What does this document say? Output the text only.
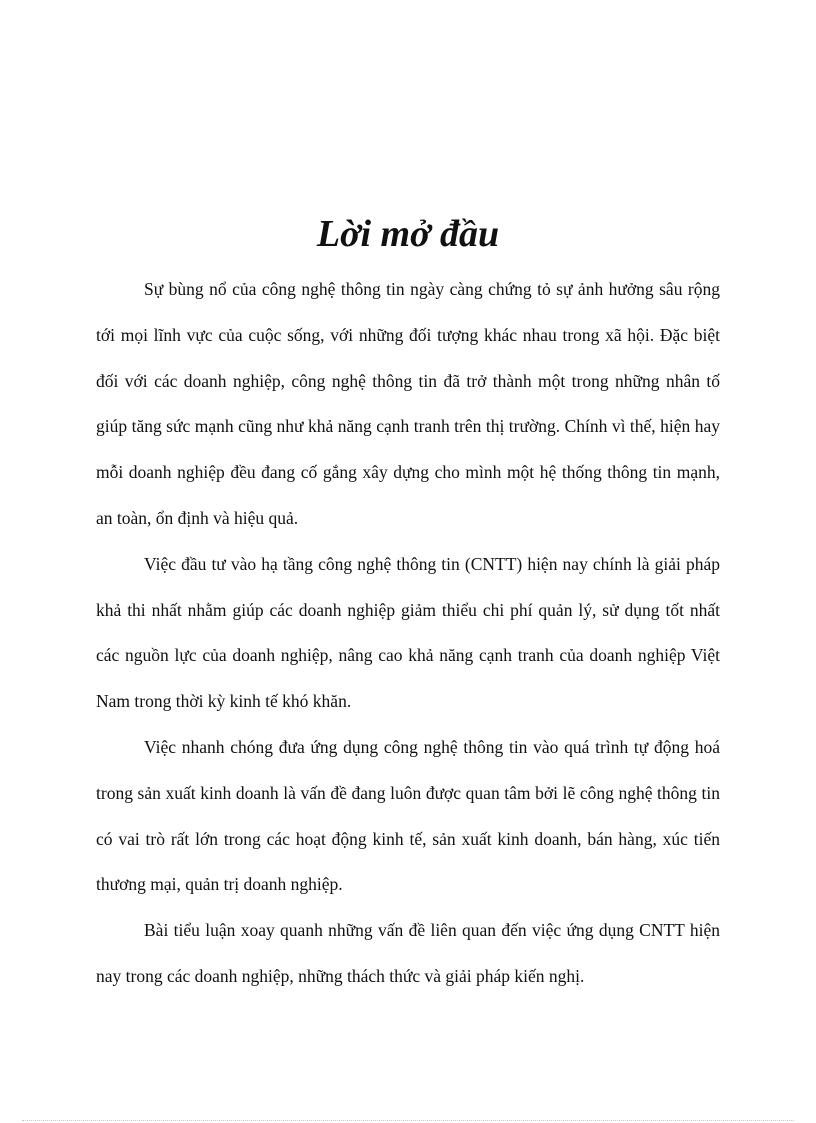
Lời mở đầu

Sự bùng nổ của công nghệ thông tin ngày càng chứng tỏ sự ảnh hưởng sâu rộng tới mọi lĩnh vực của cuộc sống, với những đối tượng khác nhau trong xã hội. Đặc biệt đối với các doanh nghiệp, công nghệ thông tin đã trở thành một trong những nhân tố giúp tăng sức mạnh cũng như khả năng cạnh tranh trên thị trường. Chính vì thế, hiện hay mỗi doanh nghiệp đều đang cố gắng xây dựng cho mình một hệ thống thông tin mạnh, an toàn, ổn định và hiệu quả.

Việc đầu tư vào hạ tầng công nghệ thông tin (CNTT) hiện nay chính là giải pháp khả thi nhất nhằm giúp các doanh nghiệp giảm thiểu chi phí quản lý, sử dụng tốt nhất các nguồn lực của doanh nghiệp, nâng cao khả năng cạnh tranh của doanh nghiệp Việt Nam trong thời kỳ kinh tế khó khăn.

Việc nhanh chóng đưa ứng dụng công nghệ thông tin vào quá trình tự động hoá trong sản xuất kinh doanh là vấn đề đang luôn được quan tâm bởi lẽ công nghệ thông tin có vai trò rất lớn trong các hoạt động kinh tế, sản xuất kinh doanh, bán hàng, xúc tiến thương mại, quản trị doanh nghiệp.

Bài tiểu luận xoay quanh những vấn đề liên quan đến việc ứng dụng CNTT hiện nay trong các doanh nghiệp, những thách thức và giải pháp kiến nghị.
